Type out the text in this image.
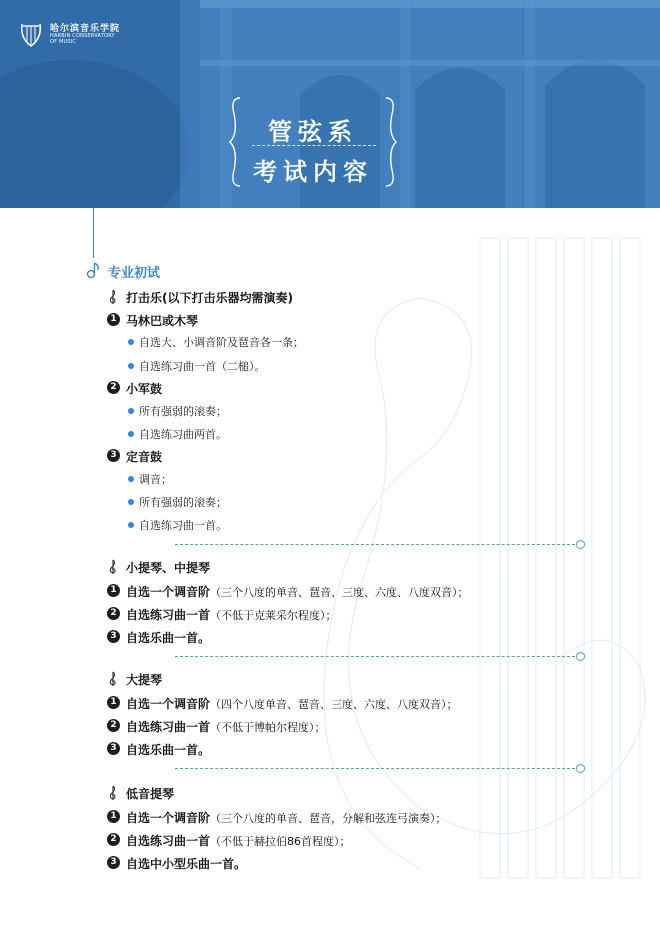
哈尔滨音乐学院
HARBIN CONSERVATORY
OF MUSIC
管弦系
考试内容
专业初试
打击乐(以下打击乐器均需演奏)
1 马林巴或木琴
自选大、小调音阶及琶音各一条；
自选练习曲一首（二槌）。
2 小军鼓
所有强弱的滚奏；
自选练习曲两首。
3 定音鼓
调音；
所有强弱的滚奏；
自选练习曲一首。
小提琴、中提琴
1 自选一个调音阶（三个八度的单音、琶音、三度、六度、八度双音）；
2 自选练习曲一首（不低于克莱采尔程度）；
3 自选乐曲一首。
大提琴
1 自选一个调音阶（四个八度单音、琶音、三度、六度、八度双音）；
2 自选练习曲一首（不低于博帕尔程度）；
3 自选乐曲一首。
低音提琴
1 自选一个调音阶（三个八度的单音、琶音，分解和弦连弓演奏）；
2 自选练习曲一首（不低于赫拉伯86首程度）；
3 自选中小型乐曲一首。
